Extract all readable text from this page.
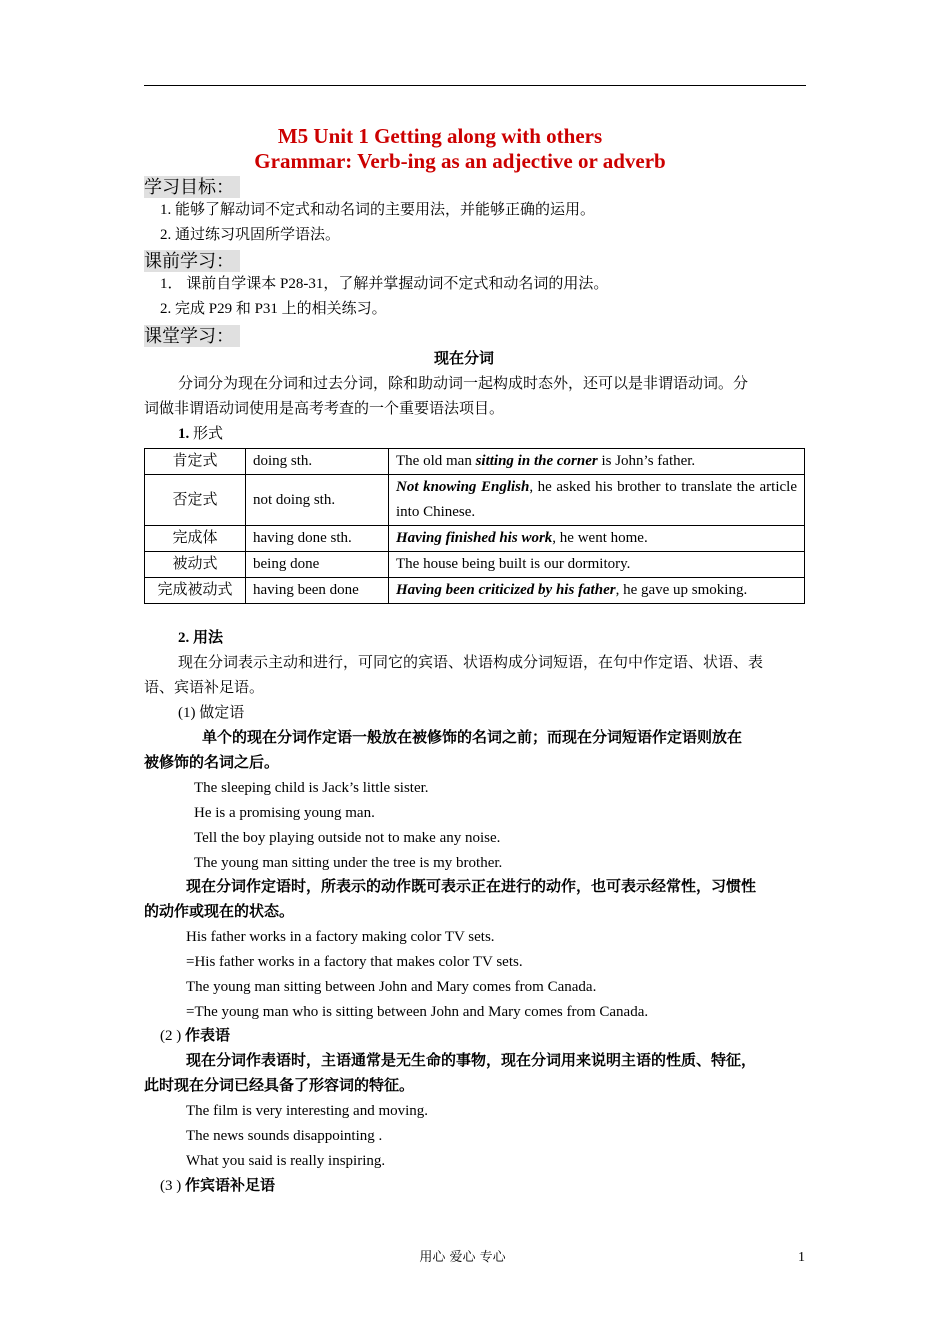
M5 Unit 1 Getting along with others
Grammar: Verb-ing as an adjective or adverb
学习目标：
1. 能够了解动词不定式和动名词的主要用法，并能够正确的运用。
2. 通过练习巩固所学语法。
课前学习：
1． 课前自学课本 P28-31，了解并掌握动词不定式和动名词的用法。
2. 完成 P29 和 P31 上的相关练习。
课堂学习：
现在分词
分词分为现在分词和过去分词，除和助动词一起构成时态外，还可以是非谓语动词。分
词做非谓语动词使用是高考考查的一个重要语法项目。
1. 形式
肯定式	doing sth.	The old man sitting in the corner is John’s father.
否定式	not doing sth.	Not knowing English, he asked his brother to translate the article into Chinese.
完成体	having done sth.	Having finished his work, he went home.
被动式	being done	The house being built is our dormitory.
完成被动式	having been done	Having been criticized by his father, he gave up smoking.
2. 用法
现在分词表示主动和进行，可同它的宾语、状语构成分词短语，在句中作定语、状语、表
语、宾语补足语。
(1) 做定语
单个的现在分词作定语一般放在被修饰的名词之前；而现在分词短语作定语则放在
被修饰的名词之后。
The sleeping child is Jack’s little sister.
He is a promising young man.
Tell the boy playing outside not to make any noise.
The young man sitting under the tree is my brother.
现在分词作定语时，所表示的动作既可表示正在进行的动作，也可表示经常性，习惯性
的动作或现在的状态。
His father works in a factory making color TV sets.
=His father works in a factory that makes color TV sets.
The young man sitting between John and Mary comes from Canada.
=The young man who is sitting between John and Mary comes from Canada.
(2 ) 作表语
现在分词作表语时，主语通常是无生命的事物，现在分词用来说明主语的性质、特征，
此时现在分词已经具备了形容词的特征。
The film is very interesting and moving.
The news sounds disappointing .
What you said is really inspiring.
(3 ) 作宾语补足语
用心 爱心 专心	1
